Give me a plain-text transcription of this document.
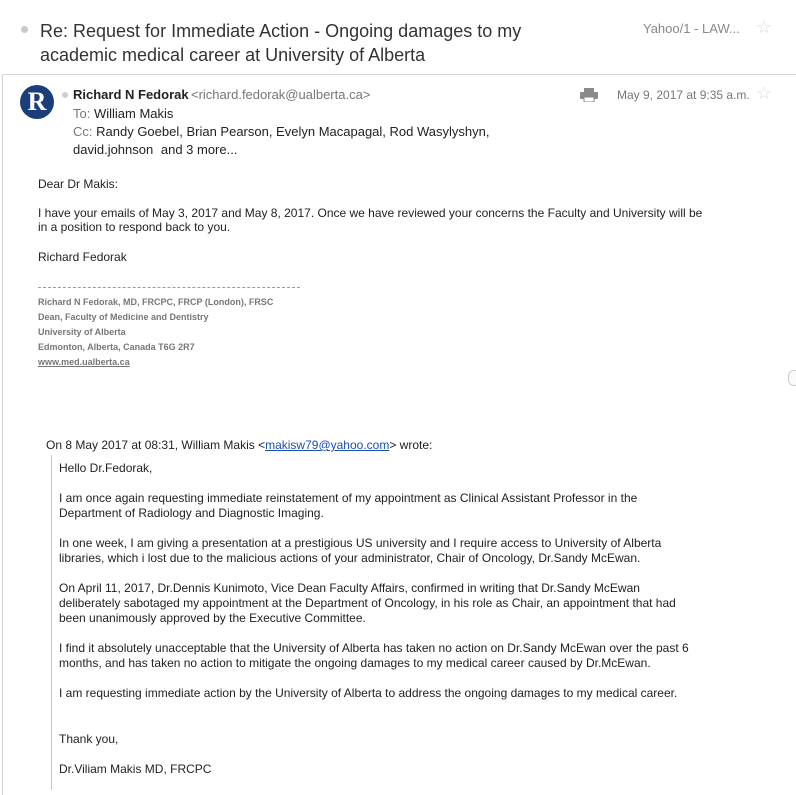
Re: Request for Immediate Action - Ongoing damages to my academic medical career at University of Alberta
Yahoo/1 - LAW... ☆
R	Richard N Fedorak <richard.fedorak@ualberta.ca>
To: William Makis
Cc: Randy Goebel, Brian Pearson, Evelyn Macapagal, Rod Wasylyshyn,
david.johnson and 3 more...
May 9, 2017 at 9:35 a.m. ☆
Dear Dr Makis:
I have your emails of May 3, 2017 and May 8, 2017. Once we have reviewed your concerns the Faculty and University will be
in a position to respond back to you.
Richard Fedorak
Richard N Fedorak, MD, FRCPC, FRCP (London), FRSC
Dean, Faculty of Medicine and Dentistry
University of Alberta
Edmonton, Alberta, Canada T6G 2R7
www.med.ualberta.ca
On 8 May 2017 at 08:31, William Makis <makisw79@yahoo.com> wrote:
Hello Dr.Fedorak,
I am once again requesting immediate reinstatement of my appointment as Clinical Assistant Professor in the
Department of Radiology and Diagnostic Imaging.
In one week, I am giving a presentation at a prestigious US university and I require access to University of Alberta
libraries, which i lost due to the malicious actions of your administrator, Chair of Oncology, Dr.Sandy McEwan.
On April 11, 2017, Dr.Dennis Kunimoto, Vice Dean Faculty Affairs, confirmed in writing that Dr.Sandy McEwan
deliberately sabotaged my appointment at the Department of Oncology, in his role as Chair, an appointment that had
been unanimously approved by the Executive Committee.
I find it absolutely unacceptable that the University of Alberta has taken no action on Dr.Sandy McEwan over the past 6
months, and has taken no action to mitigate the ongoing damages to my medical career caused by Dr.McEwan.
I am requesting immediate action by the University of Alberta to address the ongoing damages to my medical career.
Thank you,
Dr.Viliam Makis MD, FRCPC
